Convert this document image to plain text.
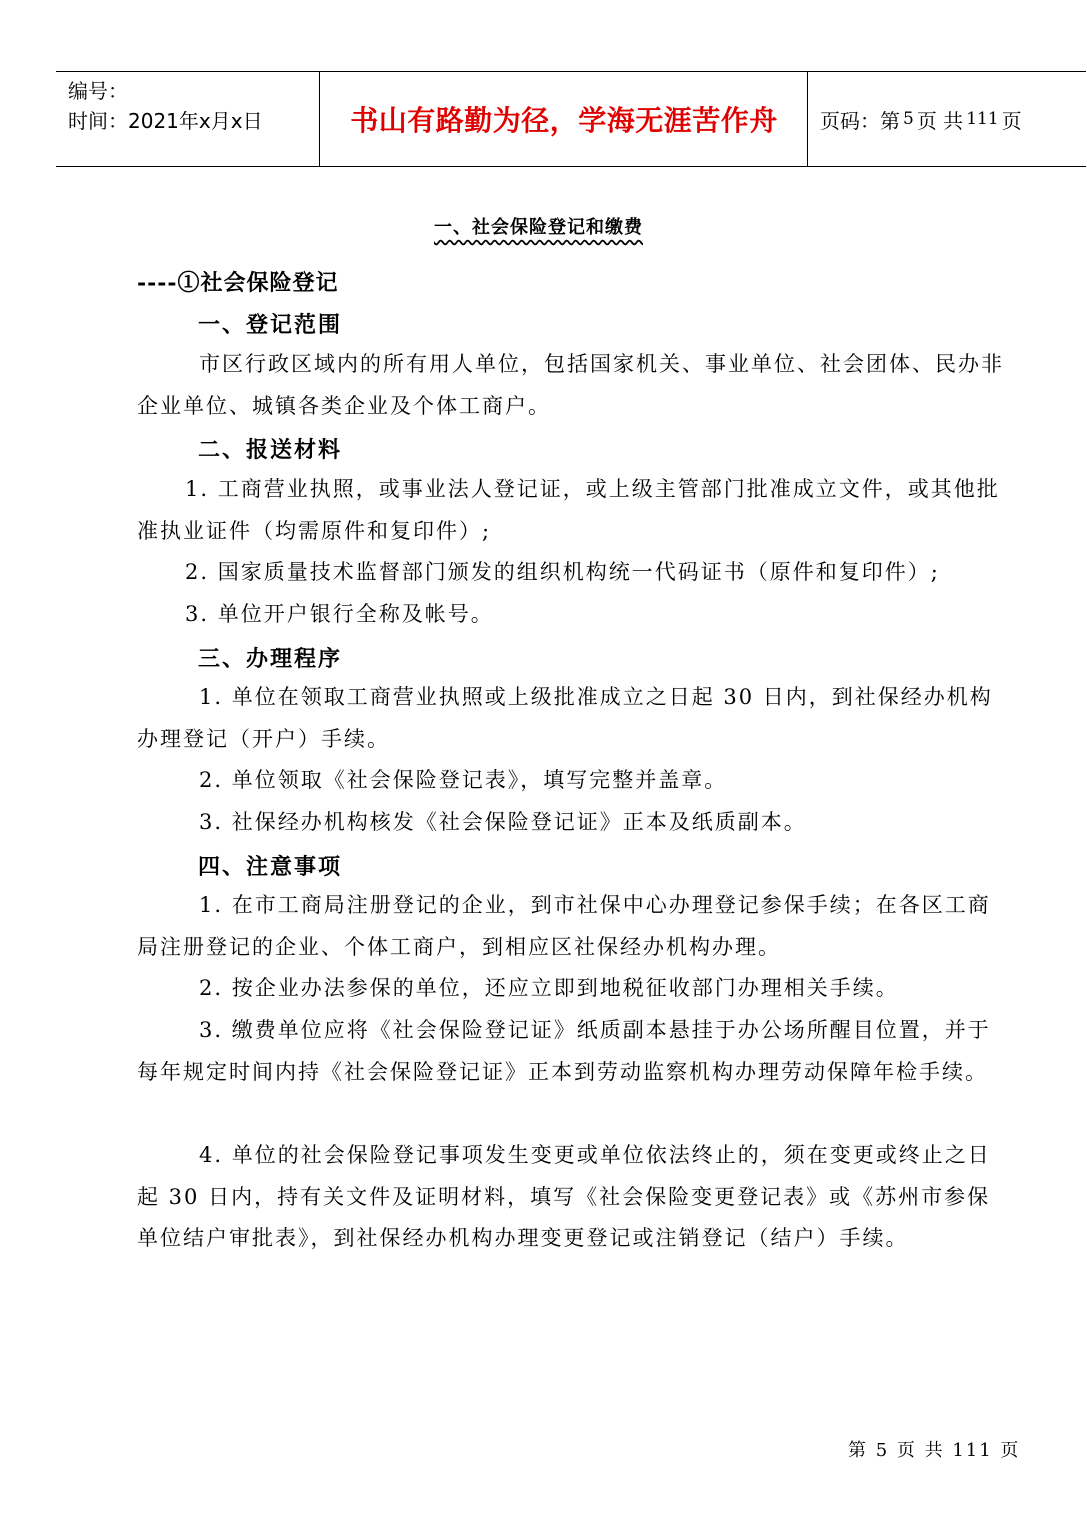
编号：
时间：2021年x月x日	书山有路勤为径，学海无涯苦作舟	页码：第 5 页 共 111 页
一、社会保险登记和缴费
----①社会保险登记
一、登记范围

市区行政区域内的所有用人单位，包括国家机关、事业单位、社会团体、民办非企业单位、城镇各类企业及个体工商户。

二、报送材料

1. 工商营业执照，或事业法人登记证，或上级主管部门批准成立文件，或其他批准执业证件（均需原件和复印件）;

2. 国家质量技术监督部门颁发的组织机构统一代码证书（原件和复印件）;

3. 单位开户银行全称及帐号。

三、办理程序

1. 单位在领取工商营业执照或上级批准成立之日起 30 日内，到社保经办机构办理登记（开户）手续。

2. 单位领取《社会保险登记表》，填写完整并盖章。

3. 社保经办机构核发《社会保险登记证》正本及纸质副本。

四、注意事项

1. 在市工商局注册登记的企业，到市社保中心办理登记参保手续；在各区工商局注册登记的企业、个体工商户，到相应区社保经办机构办理。

2. 按企业办法参保的单位，还应立即到地税征收部门办理相关手续。

3. 缴费单位应将《社会保险登记证》纸质副本悬挂于办公场所醒目位置，并于每年规定时间内持《社会保险登记证》正本到劳动监察机构办理劳动保障年检手续。

4. 单位的社会保险登记事项发生变更或单位依法终止的，须在变更或终止之日起 30 日内，持有关文件及证明材料，填写《社会保险变更登记表》或《苏州市参保单位结户审批表》，到社保经办机构办理变更登记或注销登记（结户）手续。

第 5 页 共 111 页
